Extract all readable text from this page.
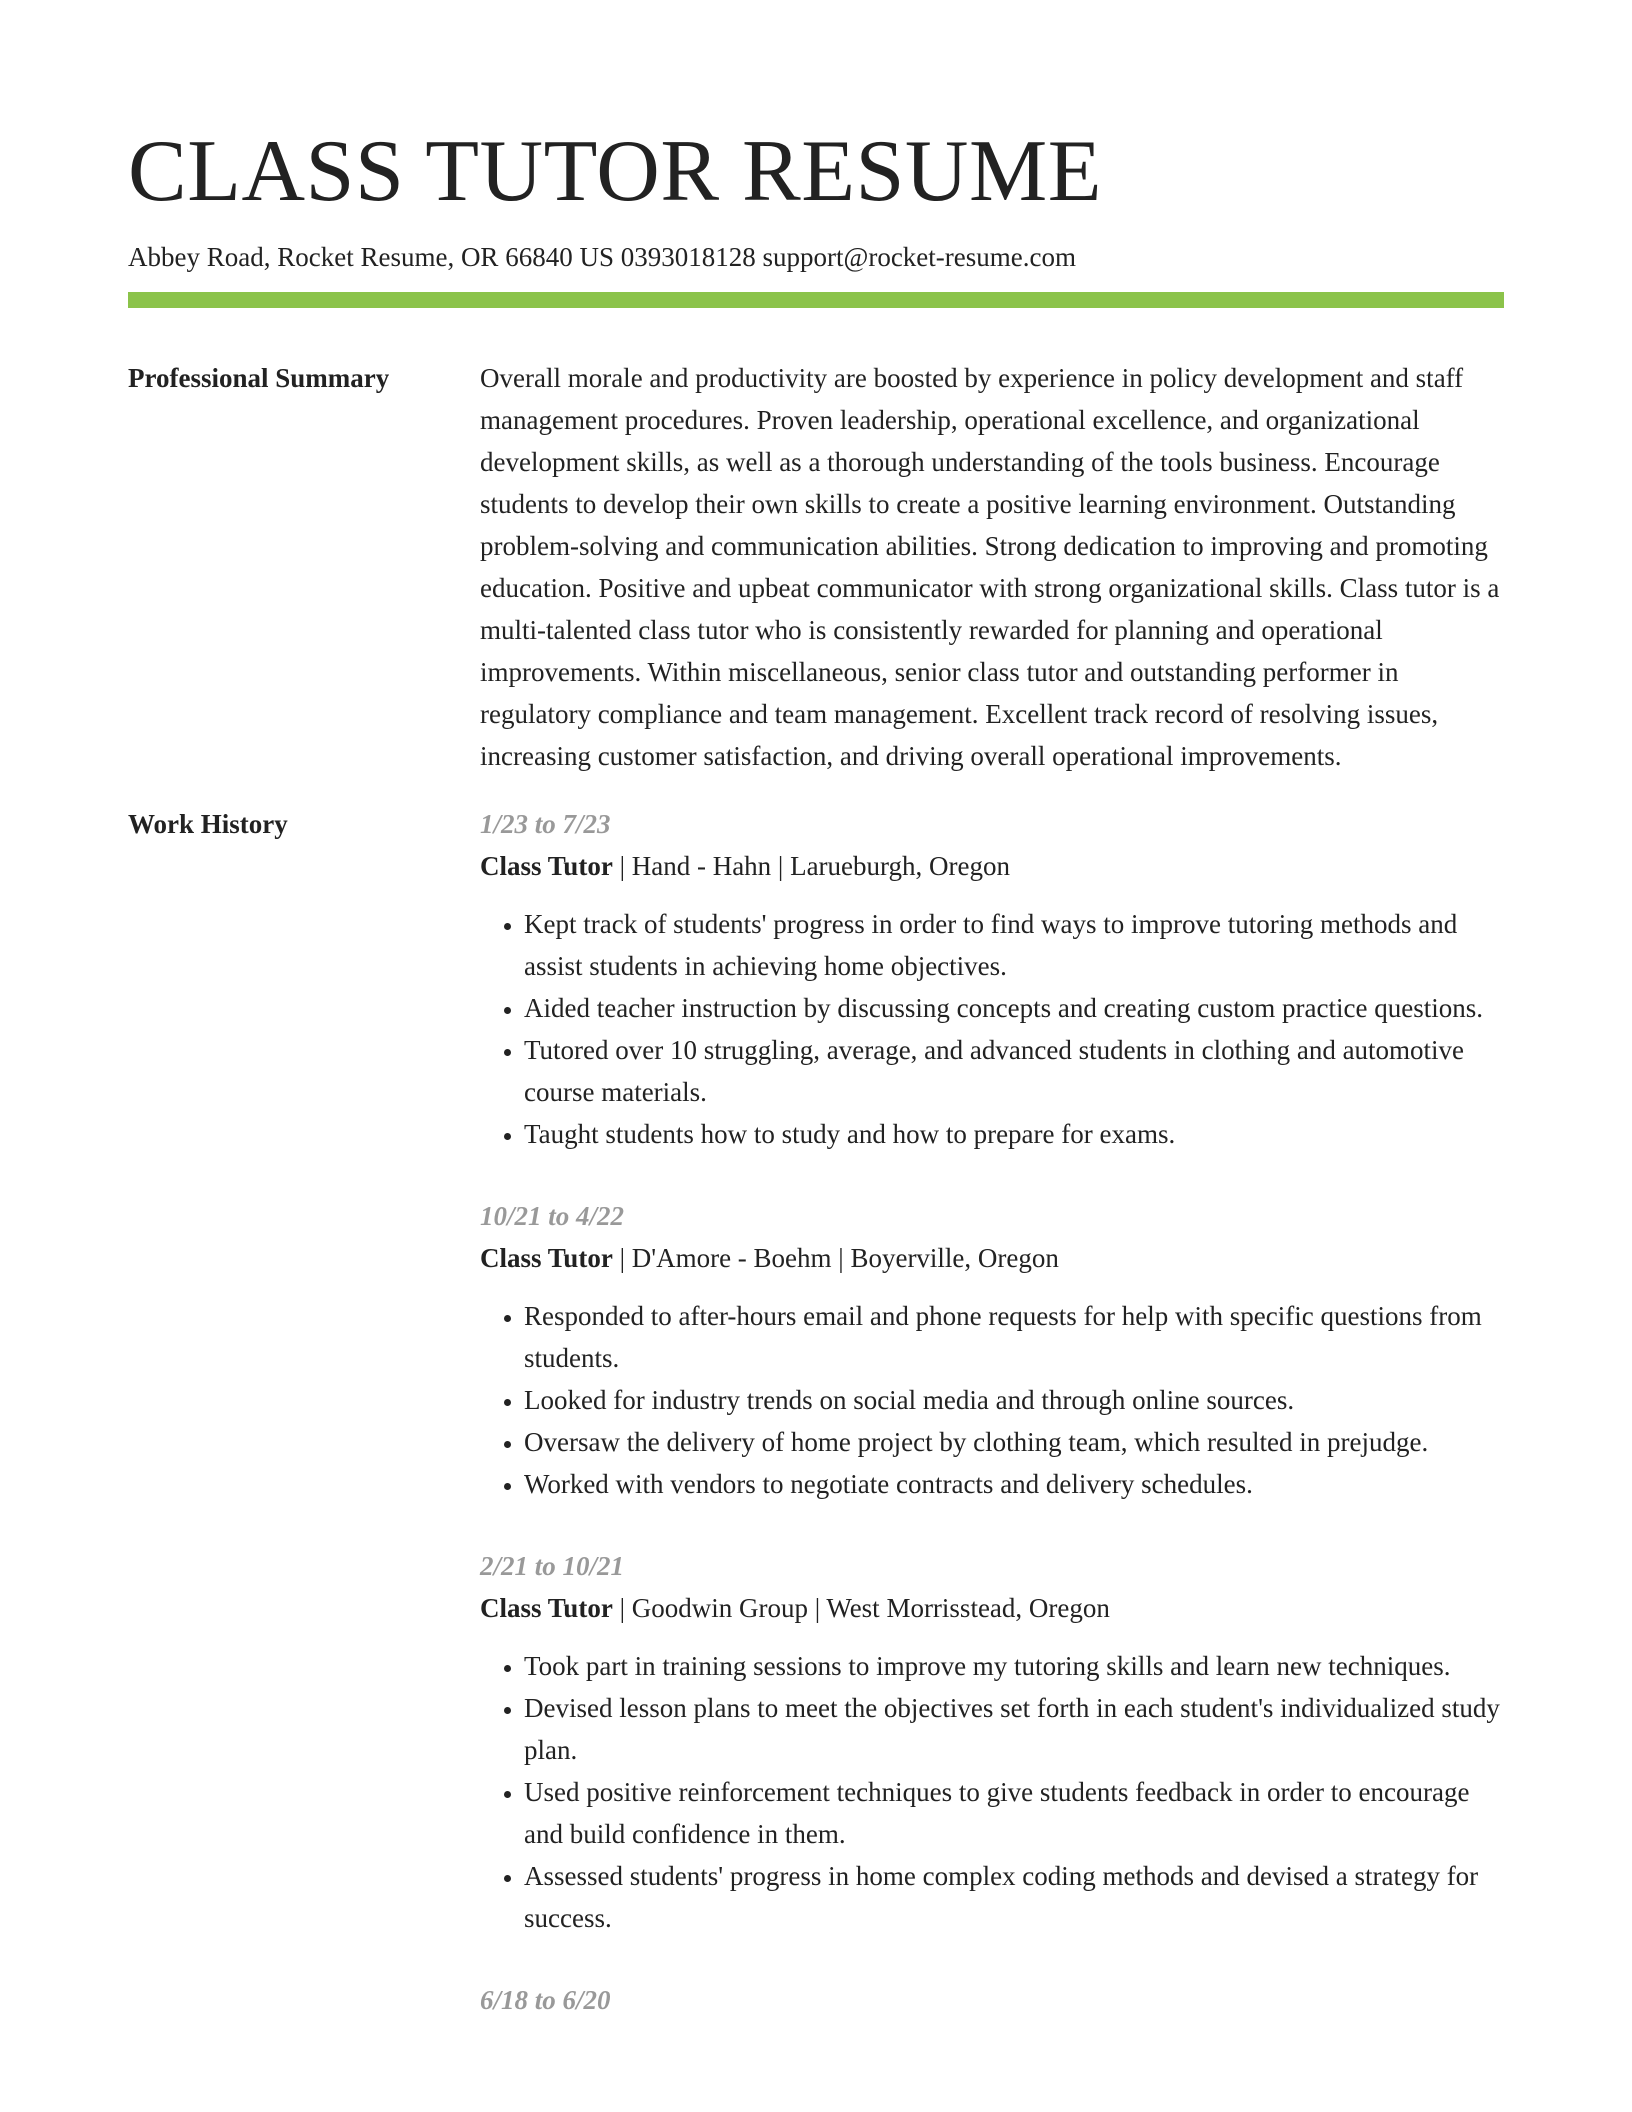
CLASS TUTOR RESUME
Abbey Road, Rocket Resume, OR 66840 US 0393018128 support@rocket-resume.com
Professional Summary	Overall morale and productivity are boosted by experience in policy development and staff management procedures. Proven leadership, operational excellence, and organizational development skills, as well as a thorough understanding of the tools business. Encourage students to develop their own skills to create a positive learning environment. Outstanding problem-solving and communication abilities. Strong dedication to improving and promoting education. Positive and upbeat communicator with strong organizational skills. Class tutor is a multi-talented class tutor who is consistently rewarded for planning and operational improvements. Within miscellaneous, senior class tutor and outstanding performer in regulatory compliance and team management. Excellent track record of resolving issues, increasing customer satisfaction, and driving overall operational improvements.

Work History	1/23 to 7/23
Class Tutor | Hand - Hahn | Larueburgh, Oregon
• Kept track of students' progress in order to find ways to improve tutoring methods and assist students in achieving home objectives.
• Aided teacher instruction by discussing concepts and creating custom practice questions.
• Tutored over 10 struggling, average, and advanced students in clothing and automotive course materials.
• Taught students how to study and how to prepare for exams.
10/21 to 4/22
Class Tutor | D'Amore - Boehm | Boyerville, Oregon
• Responded to after-hours email and phone requests for help with specific questions from students.
• Looked for industry trends on social media and through online sources.
• Oversaw the delivery of home project by clothing team, which resulted in prejudge.
• Worked with vendors to negotiate contracts and delivery schedules.
2/21 to 10/21
Class Tutor | Goodwin Group | West Morrisstead, Oregon
• Took part in training sessions to improve my tutoring skills and learn new techniques.
• Devised lesson plans to meet the objectives set forth in each student's individualized study plan.
• Used positive reinforcement techniques to give students feedback in order to encourage and build confidence in them.
• Assessed students' progress in home complex coding methods and devised a strategy for success.
6/18 to 6/20
